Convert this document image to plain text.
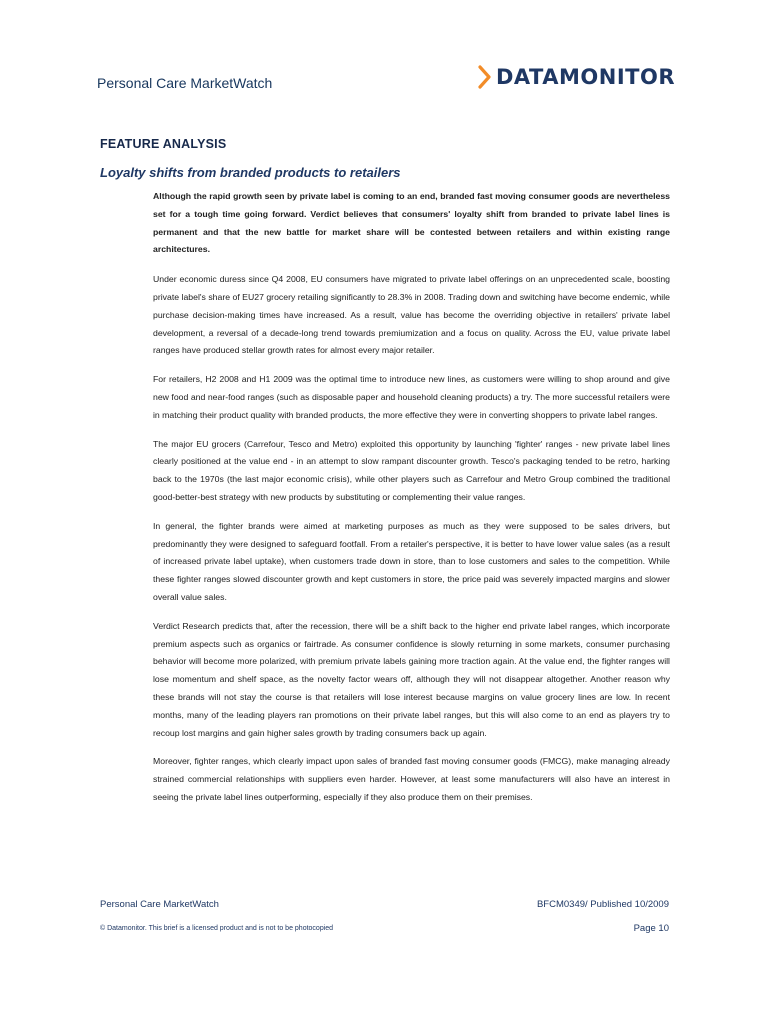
Personal Care MarketWatch	DATAMONITOR
FEATURE ANALYSIS
Loyalty shifts from branded products to retailers

Although the rapid growth seen by private label is coming to an end, branded fast moving consumer goods are nevertheless set for a tough time going forward. Verdict believes that consumers' loyalty shift from branded to private label lines is permanent and that the new battle for market share will be contested between retailers and within existing range architectures.

Under economic duress since Q4 2008, EU consumers have migrated to private label offerings on an unprecedented scale, boosting private label's share of EU27 grocery retailing significantly to 28.3% in 2008. Trading down and switching have become endemic, while purchase decision-making times have increased. As a result, value has become the overriding objective in retailers' private label development, a reversal of a decade-long trend towards premiumization and a focus on quality. Across the EU, value private label ranges have produced stellar growth rates for almost every major retailer.

For retailers, H2 2008 and H1 2009 was the optimal time to introduce new lines, as customers were willing to shop around and give new food and near-food ranges (such as disposable paper and household cleaning products) a try. The more successful retailers were in matching their product quality with branded products, the more effective they were in converting shoppers to private label ranges.

The major EU grocers (Carrefour, Tesco and Metro) exploited this opportunity by launching 'fighter' ranges - new private label lines clearly positioned at the value end - in an attempt to slow rampant discounter growth. Tesco's packaging tended to be retro, harking back to the 1970s (the last major economic crisis), while other players such as Carrefour and Metro Group combined the traditional good-better-best strategy with new products by substituting or complementing their value ranges.

In general, the fighter brands were aimed at marketing purposes as much as they were supposed to be sales drivers, but predominantly they were designed to safeguard footfall. From a retailer's perspective, it is better to have lower value sales (as a result of increased private label uptake), when customers trade down in store, than to lose customers and sales to the competition. While these fighter ranges slowed discounter growth and kept customers in store, the price paid was severely impacted margins and slower overall value sales.

Verdict Research predicts that, after the recession, there will be a shift back to the higher end private label ranges, which incorporate premium aspects such as organics or fairtrade. As consumer confidence is slowly returning in some markets, consumer purchasing behavior will become more polarized, with premium private labels gaining more traction again. At the value end, the fighter ranges will lose momentum and shelf space, as the novelty factor wears off, although they will not disappear altogether. Another reason why these brands will not stay the course is that retailers will lose interest because margins on value grocery lines are low. In recent months, many of the leading players ran promotions on their private label ranges, but this will also come to an end as players try to recoup lost margins and gain higher sales growth by trading consumers back up again.

Moreover, fighter ranges, which clearly impact upon sales of branded fast moving consumer goods (FMCG), make managing already strained commercial relationships with suppliers even harder. However, at least some manufacturers will also have an interest in seeing the private label lines outperforming, especially if they also produce them on their premises.

Personal Care MarketWatch	BFCM0349/ Published 10/2009
© Datamonitor. This brief is a licensed product and is not to be photocopied	Page 10
